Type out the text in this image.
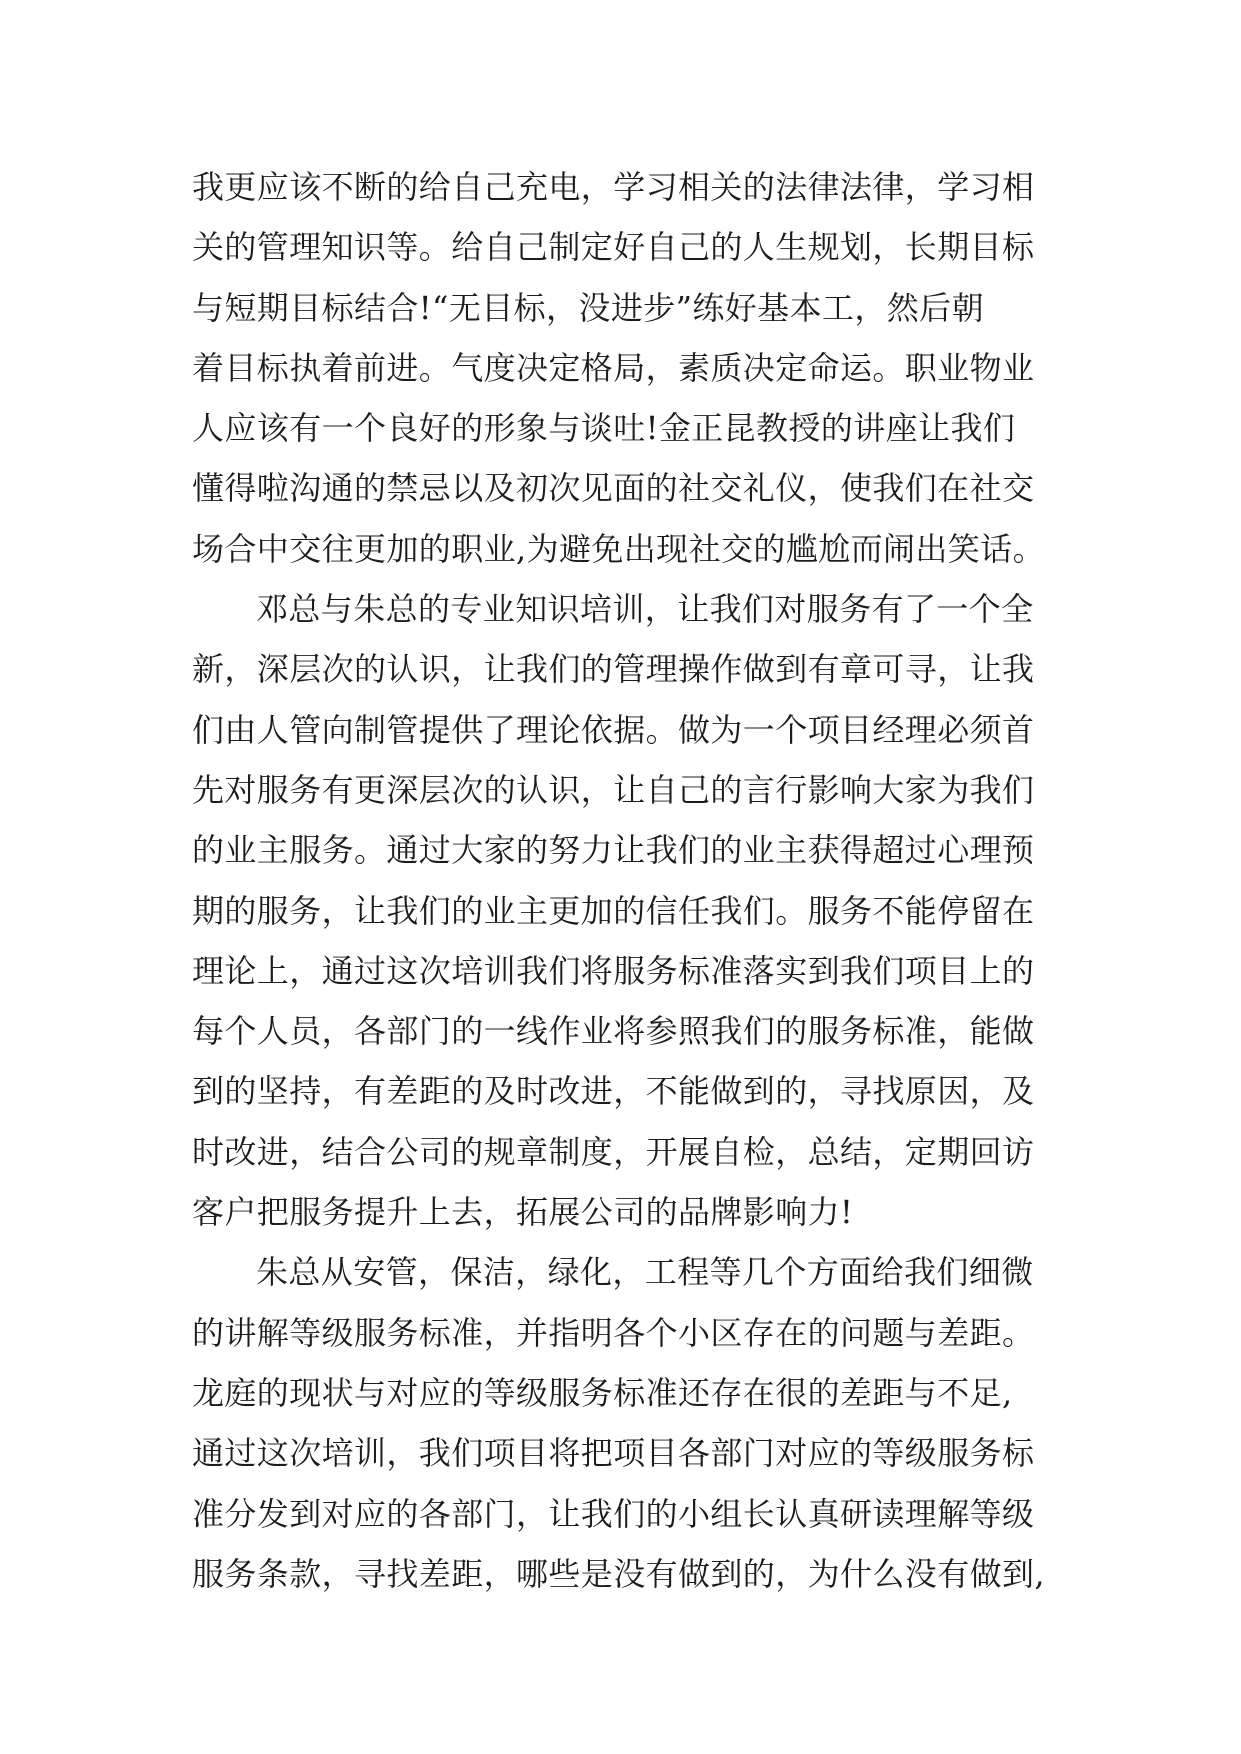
我更应该不断的给自己充电，学习相关的法律法律，学习相
关的管理知识等。给自己制定好自己的人生规划，长期目标
与短期目标结合!“无目标，没进步”练好基本工，然后朝
着目标执着前进。气度决定格局，素质决定命运。职业物业
人应该有一个良好的形象与谈吐!金正昆教授的讲座让我们
懂得啦沟通的禁忌以及初次见面的社交礼仪，使我们在社交
场合中交往更加的职业,为避免出现社交的尴尬而闹出笑话。
邓总与朱总的专业知识培训，让我们对服务有了一个全
新，深层次的认识，让我们的管理操作做到有章可寻，让我
们由人管向制管提供了理论依据。做为一个项目经理必须首
先对服务有更深层次的认识，让自己的言行影响大家为我们
的业主服务。通过大家的努力让我们的业主获得超过心理预
期的服务，让我们的业主更加的信任我们。服务不能停留在
理论上，通过这次培训我们将服务标准落实到我们项目上的
每个人员，各部门的一线作业将参照我们的服务标准，能做
到的坚持，有差距的及时改进，不能做到的，寻找原因，及
时改进，结合公司的规章制度，开展自检，总结，定期回访
客户把服务提升上去，拓展公司的品牌影响力!
朱总从安管，保洁，绿化，工程等几个方面给我们细微
的讲解等级服务标准，并指明各个小区存在的问题与差距。
龙庭的现状与对应的等级服务标准还存在很的差距与不足,
通过这次培训，我们项目将把项目各部门对应的等级服务标
准分发到对应的各部门，让我们的小组长认真研读理解等级
服务条款，寻找差距，哪些是没有做到的，为什么没有做到,
